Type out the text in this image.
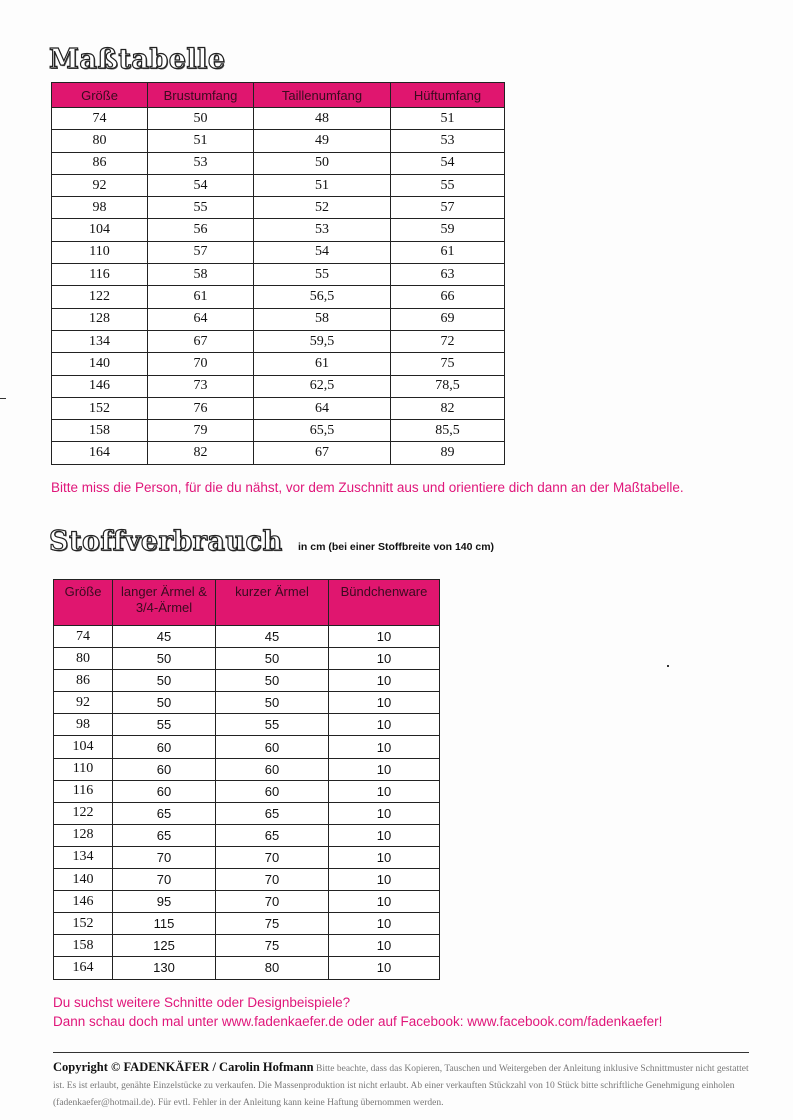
Maßtabelle
Größe	Brustumfang	Taillenumfang	Hüftumfang
74	50	48	51
80	51	49	53
86	53	50	54
92	54	51	55
98	55	52	57
104	56	53	59
110	57	54	61
116	58	55	63
122	61	56,5	66
128	64	58	69
134	67	59,5	72
140	70	61	75
146	73	62,5	78,5
152	76	64	82
158	79	65,5	85,5
164	82	67	89
Bitte miss die Person, für die du nähst, vor dem Zuschnitt aus und orientiere dich dann an der Maßtabelle.
Stoffverbrauch in cm (bei einer Stoffbreite von 140 cm)
Größe	langer Ärmel & 3/4-Ärmel	kurzer Ärmel	Bündchenware
74	45	45	10
80	50	50	10
86	50	50	10
92	50	50	10
98	55	55	10
104	60	60	10
110	60	60	10
116	60	60	10
122	65	65	10
128	65	65	10
134	70	70	10
140	70	70	10
146	95	70	10
152	115	75	10
158	125	75	10
164	130	80	10
Du suchst weitere Schnitte oder Designbeispiele?
Dann schau doch mal unter www.fadenkaefer.de oder auf Facebook: www.facebook.com/fadenkaefer!
Copyright © FADENKÄFER / Carolin Hofmann Bitte beachte, dass das Kopieren, Tauschen und Weitergeben der Anleitung inklusive Schnittmuster nicht gestattet ist. Es ist erlaubt, genähte Einzelstücke zu verkaufen. Die Massenproduktion ist nicht erlaubt. Ab einer verkauften Stückzahl von 10 Stück bitte schriftliche Genehmigung einholen (fadenkaefer@hotmail.de). Für evtl. Fehler in der Anleitung kann keine Haftung übernommen werden.
